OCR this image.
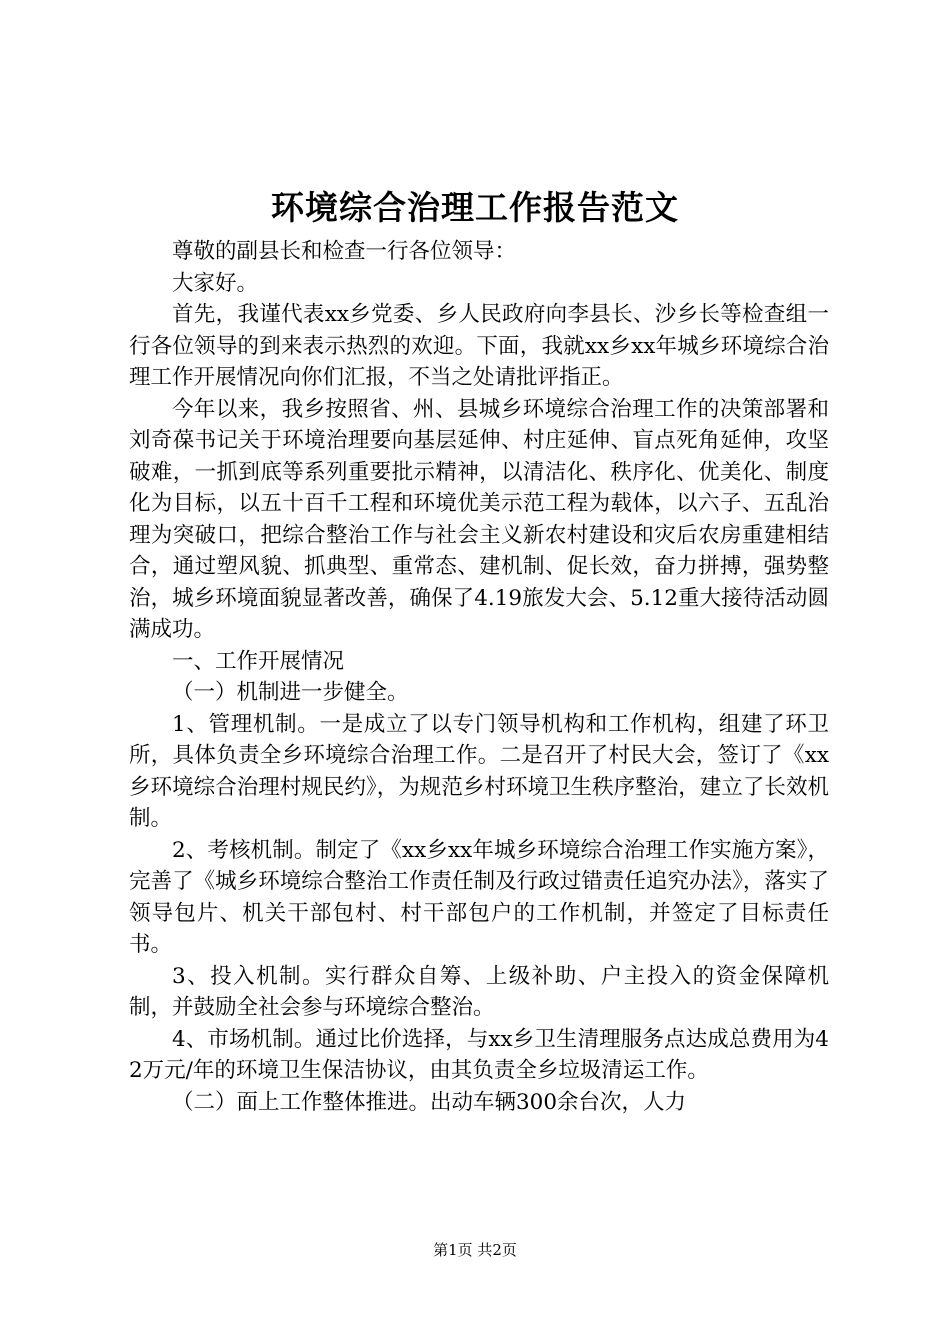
环境综合治理工作报告范文

尊敬的副县长和检查一行各位领导：

大家好。

首先，我谨代表xx乡党委、乡人民政府向李县长、沙乡长等检查组一行各位领导的到来表示热烈的欢迎。下面，我就xx乡xx年城乡环境综合治理工作开展情况向你们汇报，不当之处请批评指正。

今年以来，我乡按照省、州、县城乡环境综合治理工作的决策部署和刘奇葆书记关于环境治理要向基层延伸、村庄延伸、盲点死角延伸，攻坚破难，一抓到底等系列重要批示精神，以清洁化、秩序化、优美化、制度化为目标，以五十百千工程和环境优美示范工程为载体，以六子、五乱治理为突破口，把综合整治工作与社会主义新农村建设和灾后农房重建相结合，通过塑风貌、抓典型、重常态、建机制、促长效，奋力拼搏，强势整治，城乡环境面貌显著改善，确保了4.19旅发大会、5.12重大接待活动圆满成功。

一、工作开展情况

（一）机制进一步健全。

1、管理机制。一是成立了以专门领导机构和工作机构，组建了环卫所，具体负责全乡环境综合治理工作。二是召开了村民大会，签订了《xx乡环境综合治理村规民约》，为规范乡村环境卫生秩序整治，建立了长效机制。

2、考核机制。制定了《xx乡xx年城乡环境综合治理工作实施方案》，完善了《城乡环境综合整治工作责任制及行政过错责任追究办法》，落实了领导包片、机关干部包村、村干部包户的工作机制，并签定了目标责任书。

3、投入机制。实行群众自筹、上级补助、户主投入的资金保障机制，并鼓励全社会参与环境综合整治。

4、市场机制。通过比价选择，与xx乡卫生清理服务点达成总费用为42万元/年的环境卫生保洁协议，由其负责全乡垃圾清运工作。

（二）面上工作整体推进。出动车辆300余台次，人力

第1页 共2页
